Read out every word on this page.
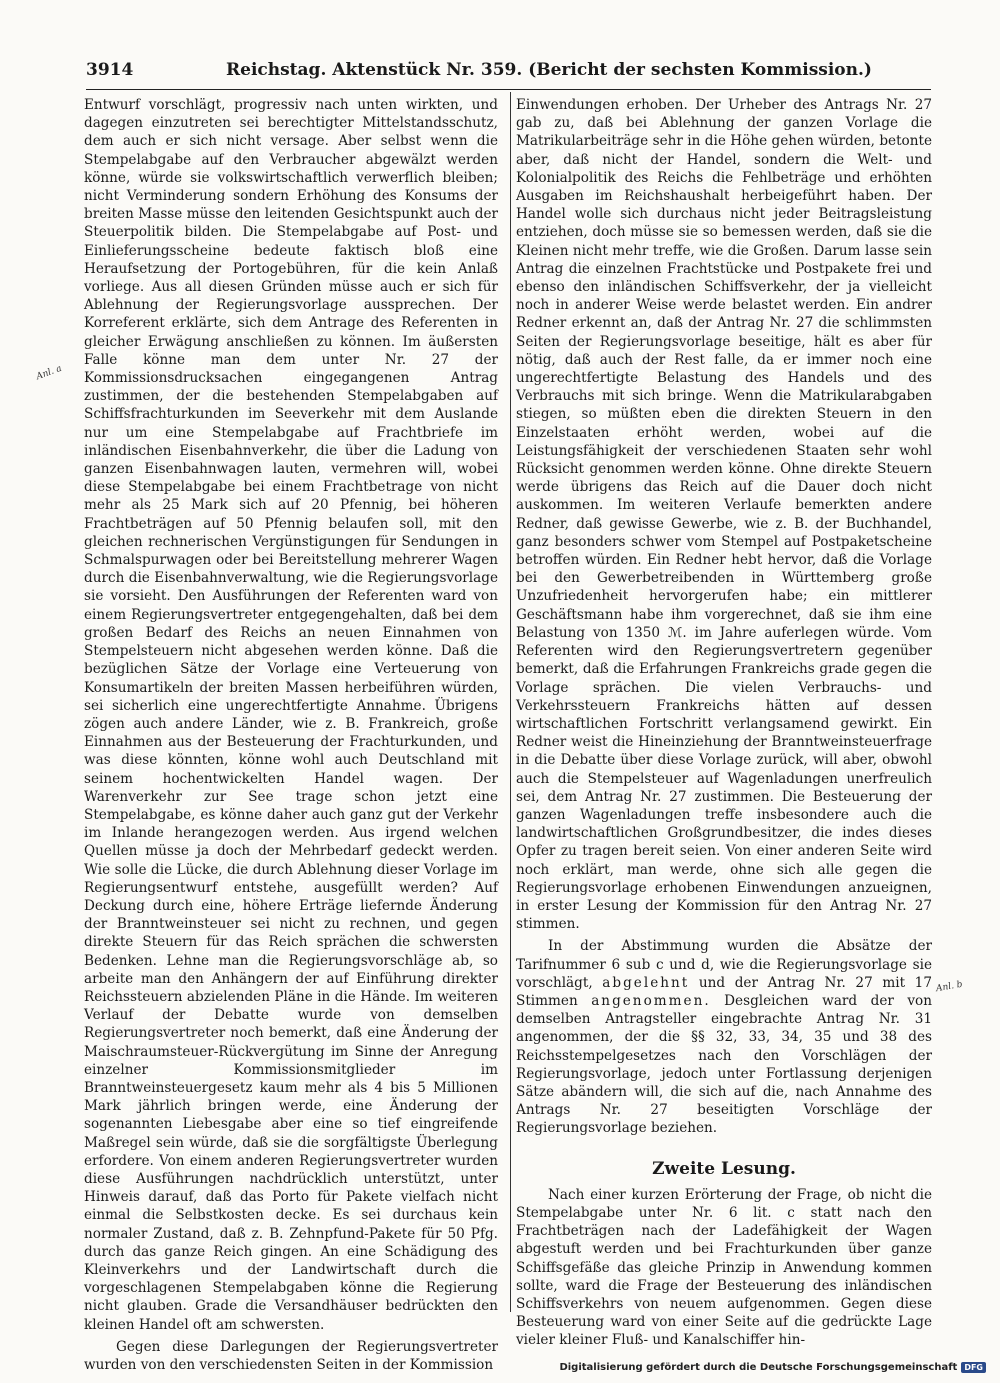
3914	Reichstag. Aktenstück Nr. 359. (Bericht der sechsten Kommission.)
Anl. a
Anl. b

Entwurf vorschlägt, progressiv nach unten wirkten, und dagegen einzutreten sei berechtigter Mittelstandsschutz, dem auch er sich nicht versage. Aber selbst wenn die Stempelabgabe auf den Verbraucher abgewälzt werden könne, würde sie volkswirtschaftlich verwerflich bleiben; nicht Verminderung sondern Erhöhung des Konsums der breiten Masse müsse den leitenden Gesichtspunkt auch der Steuerpolitik bilden. Die Stempelabgabe auf Post- und Einlieferungsscheine bedeute faktisch bloß eine Heraufsetzung der Portogebühren, für die kein Anlaß vorliege. Aus all diesen Gründen müsse auch er sich für Ablehnung der Regierungsvorlage aussprechen. Der Korreferent erklärte, sich dem Antrage des Referenten in gleicher Erwägung anschließen zu können. Im äußersten Falle könne man dem unter Nr. 27 der Kommissionsdrucksachen eingegangenen Antrag zustimmen, der die bestehenden Stempelabgaben auf Schiffsfrachturkunden im Seeverkehr mit dem Auslande nur um eine Stempelabgabe auf Frachtbriefe im inländischen Eisenbahnverkehr, die über die Ladung von ganzen Eisenbahnwagen lauten, vermehren will, wobei diese Stempelabgabe bei einem Frachtbetrage von nicht mehr als 25 Mark sich auf 20 Pfennig, bei höheren Frachtbeträgen auf 50 Pfennig belaufen soll, mit den gleichen rechnerischen Vergünstigungen für Sendungen in Schmalspurwagen oder bei Bereitstellung mehrerer Wagen durch die Eisenbahnverwaltung, wie die Regierungsvorlage sie vorsieht. Den Ausführungen der Referenten ward von einem Regierungsvertreter entgegengehalten, daß bei dem großen Bedarf des Reichs an neuen Einnahmen von Stempelsteuern nicht abgesehen werden könne. Daß die bezüglichen Sätze der Vorlage eine Verteuerung von Konsumartikeln der breiten Massen herbeiführen würden, sei sicherlich eine ungerechtfertigte Annahme. Übrigens zögen auch andere Länder, wie z. B. Frankreich, große Einnahmen aus der Besteuerung der Frachturkunden, und was diese könnten, könne wohl auch Deutschland mit seinem hochentwickelten Handel wagen. Der Warenverkehr zur See trage schon jetzt eine Stempelabgabe, es könne daher auch ganz gut der Verkehr im Inlande herangezogen werden. Aus irgend welchen Quellen müsse ja doch der Mehrbedarf gedeckt werden. Wie solle die Lücke, die durch Ablehnung dieser Vorlage im Regierungsentwurf entstehe, ausgefüllt werden? Auf Deckung durch eine, höhere Erträge liefernde Änderung der Branntweinsteuer sei nicht zu rechnen, und gegen direkte Steuern für das Reich sprächen die schwersten Bedenken. Lehne man die Regierungsvorschläge ab, so arbeite man den Anhängern der auf Einführung direkter Reichssteuern abzielenden Pläne in die Hände. Im weiteren Verlauf der Debatte wurde von demselben Regierungsvertreter noch bemerkt, daß eine Änderung der Maischraumsteuer-Rückvergütung im Sinne der Anregung einzelner Kommissionsmitglieder im Branntweinsteuergesetz kaum mehr als 4 bis 5 Millionen Mark jährlich bringen werde, eine Änderung der sogenannten Liebesgabe aber eine so tief eingreifende Maßregel sein würde, daß sie die sorgfältigste Überlegung erfordere. Von einem anderen Regierungsvertreter wurden diese Ausführungen nachdrücklich unterstützt, unter Hinweis darauf, daß das Porto für Pakete vielfach nicht einmal die Selbstkosten decke. Es sei durchaus kein normaler Zustand, daß z. B. Zehnpfund-Pakete für 50 Pfg. durch das ganze Reich gingen. An eine Schädigung des Kleinverkehrs und der Landwirtschaft durch die vorgeschlagenen Stempelabgaben könne die Regierung nicht glauben. Grade die Versandhäuser bedrückten den kleinen Handel oft am schwersten.

Gegen diese Darlegungen der Regierungsvertreter wurden von den verschiedensten Seiten in der Kommission

Einwendungen erhoben. Der Urheber des Antrags Nr. 27 gab zu, daß bei Ablehnung der ganzen Vorlage die Matrikularbeiträge sehr in die Höhe gehen würden, betonte aber, daß nicht der Handel, sondern die Welt- und Kolonialpolitik des Reichs die Fehlbeträge und erhöhten Ausgaben im Reichshaushalt herbeigeführt haben. Der Handel wolle sich durchaus nicht jeder Beitragsleistung entziehen, doch müsse sie so bemessen werden, daß sie die Kleinen nicht mehr treffe, wie die Großen. Darum lasse sein Antrag die einzelnen Frachtstücke und Postpakete frei und ebenso den inländischen Schiffsverkehr, der ja vielleicht noch in anderer Weise werde belastet werden. Ein andrer Redner erkennt an, daß der Antrag Nr. 27 die schlimmsten Seiten der Regierungsvorlage beseitige, hält es aber für nötig, daß auch der Rest falle, da er immer noch eine ungerechtfertigte Belastung des Handels und des Verbrauchs mit sich bringe. Wenn die Matrikularabgaben stiegen, so müßten eben die direkten Steuern in den Einzelstaaten erhöht werden, wobei auf die Leistungsfähigkeit der verschiedenen Staaten sehr wohl Rücksicht genommen werden könne. Ohne direkte Steuern werde übrigens das Reich auf die Dauer doch nicht auskommen. Im weiteren Verlaufe bemerkten andere Redner, daß gewisse Gewerbe, wie z. B. der Buchhandel, ganz besonders schwer vom Stempel auf Postpaketscheine betroffen würden. Ein Redner hebt hervor, daß die Vorlage bei den Gewerbetreibenden in Württemberg große Unzufriedenheit hervorgerufen habe; ein mittlerer Geschäftsmann habe ihm vorgerechnet, daß sie ihm eine Belastung von 1350 ℳ. im Jahre auferlegen würde. Vom Referenten wird den Regierungsvertretern gegenüber bemerkt, daß die Erfahrungen Frankreichs grade gegen die Vorlage sprächen. Die vielen Verbrauchs- und Verkehrssteuern Frankreichs hätten auf dessen wirtschaftlichen Fortschritt verlangsamend gewirkt. Ein Redner weist die Hineinziehung der Branntweinsteuerfrage in die Debatte über diese Vorlage zurück, will aber, obwohl auch die Stempelsteuer auf Wagenladungen unerfreulich sei, dem Antrag Nr. 27 zustimmen. Die Besteuerung der ganzen Wagenladungen treffe insbesondere auch die landwirtschaftlichen Großgrundbesitzer, die indes dieses Opfer zu tragen bereit seien. Von einer anderen Seite wird noch erklärt, man werde, ohne sich alle gegen die Regierungsvorlage erhobenen Einwendungen anzueignen, in erster Lesung der Kommission für den Antrag Nr. 27 stimmen.

In der Abstimmung wurden die Absätze der Tarifnummer 6 sub c und d, wie die Regierungsvorlage sie vorschlägt, abgelehnt und der Antrag Nr. 27 mit 17 Stimmen angenommen. Desgleichen ward der von demselben Antragsteller eingebrachte Antrag Nr. 31 angenommen, der die §§ 32, 33, 34, 35 und 38 des Reichsstempelgesetzes nach den Vorschlägen der Regierungsvorlage, jedoch unter Fortlassung derjenigen Sätze abändern will, die sich auf die, nach Annahme des Antrags Nr. 27 beseitigten Vorschläge der Regierungsvorlage beziehen.

Zweite Lesung.

Nach einer kurzen Erörterung der Frage, ob nicht die Stempelabgabe unter Nr. 6 lit. c statt nach den Frachtbeträgen nach der Ladefähigkeit der Wagen abgestuft werden und bei Frachturkunden über ganze Schiffsgefäße das gleiche Prinzip in Anwendung kommen sollte, ward die Frage der Besteuerung des inländischen Schiffsverkehrs von neuem aufgenommen. Gegen diese Besteuerung ward von einer Seite auf die gedrückte Lage vieler kleiner Fluß- und Kanalschiffer hin-

Digitalisierung gefördert durch die Deutsche Forschungsgemeinschaft DFG
